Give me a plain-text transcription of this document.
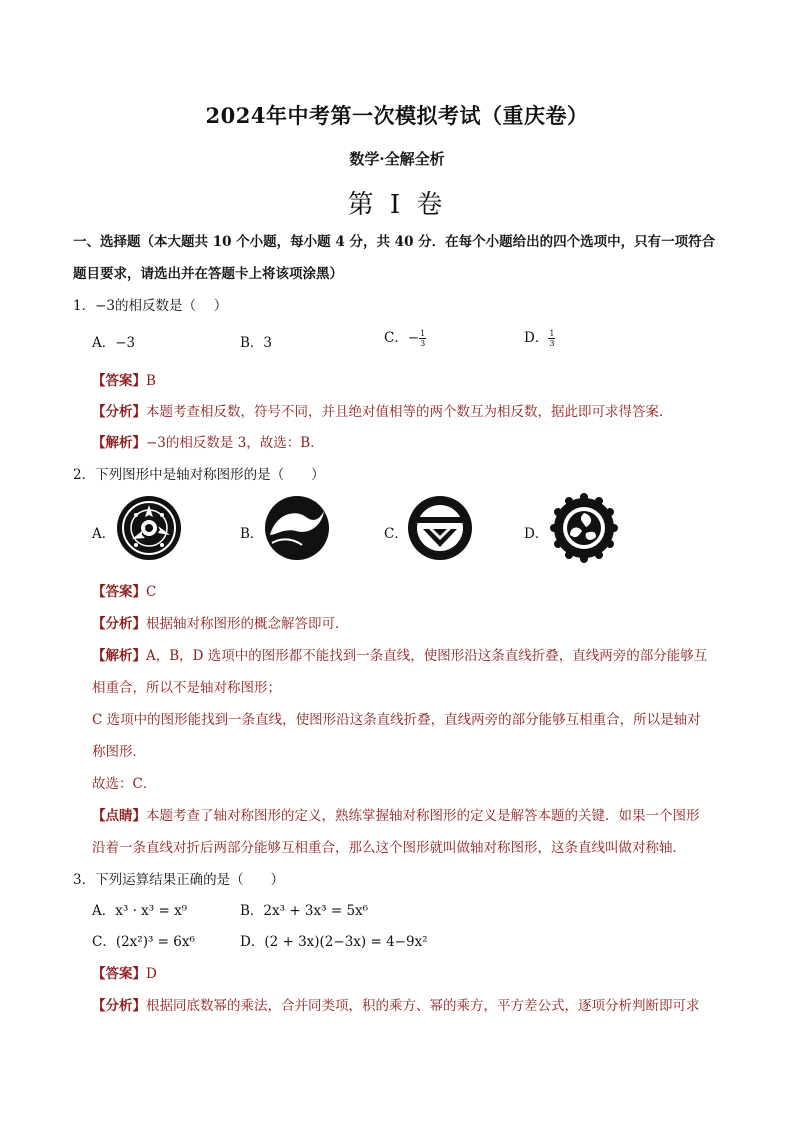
2024年中考第一次模拟考试（重庆卷）
数学·全解全析
第 I 卷
一、选择题（本大题共 10 个小题，每小题 4 分，共 40 分．在每个小题给出的四个选项中，只有一项符合
题目要求，请选出并在答题卡上将该项涂黑）
1．−3的相反数是（　 ）
A．−3	B．3	C．− $\frac{1}{3}$	D． $\frac{1}{3}$
【答案】B
【分析】本题考查相反数，符号不同，并且绝对值相等的两个数互为相反数，据此即可求得答案．
【解析】−3的相反数是 3，故选：B．
2．下列图形中是轴对称图形的是（　　）
A．	B．	C．	D．
【答案】C
【分析】根据轴对称图形的概念解答即可．
【解析】A，B，D 选项中的图形都不能找到一条直线，使图形沿这条直线折叠，直线两旁的部分能够互
相重合，所以不是轴对称图形；
C 选项中的图形能找到一条直线，使图形沿这条直线折叠，直线两旁的部分能够互相重合，所以是轴对
称图形．
故选：C．
【点睛】本题考查了轴对称图形的定义，熟练掌握轴对称图形的定义是解答本题的关键．如果一个图形
沿着一条直线对折后两部分能够互相重合，那么这个图形就叫做轴对称图形，这条直线叫做对称轴．
3．下列运算结果正确的是（　　）
A．x³ · x³ = x⁹	B．2x³ + 3x³ = 5x⁶
C．(2x²)³ = 6x⁶	D．(2 + 3x)(2−3x) = 4−9x²
【答案】D
【分析】根据同底数幂的乘法，合并同类项，积的乘方、幂的乘方，平方差公式，逐项分析判断即可求
